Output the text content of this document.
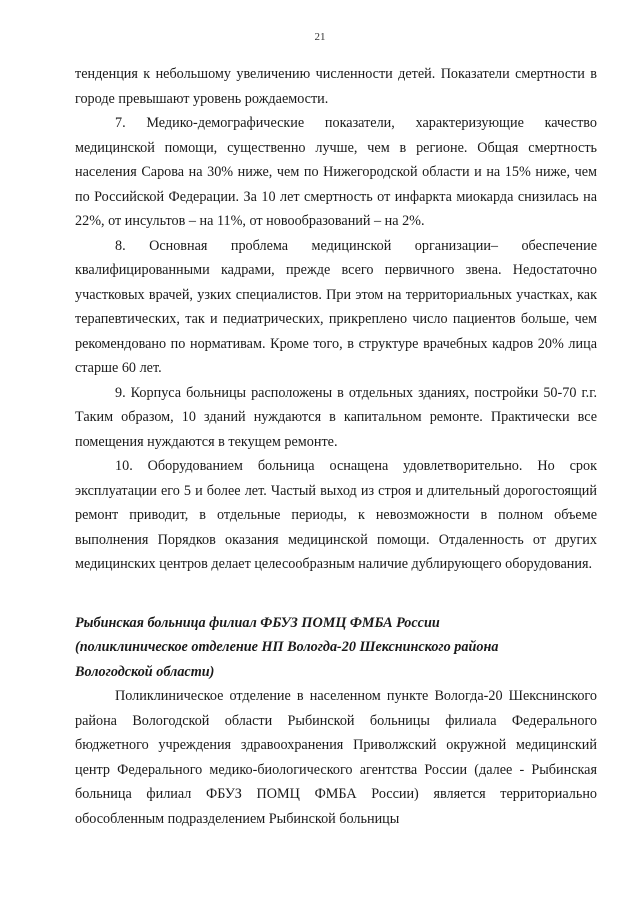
21

тенденция к небольшому увеличению численности детей. Показатели смертности в городе превышают уровень рождаемости.

7. Медико-демографические показатели, характеризующие качество медицинской помощи, существенно лучше, чем в регионе. Общая смертность населения Сарова на 30% ниже, чем по Нижегородской области и на 15% ниже, чем по Российской Федерации. За 10 лет смертность от инфаркта миокарда снизилась на 22%, от инсультов – на 11%, от новообразований – на 2%.

8. Основная проблема медицинской организации– обеспечение квалифицированными кадрами, прежде всего первичного звена. Недостаточно участковых врачей, узких специалистов. При этом на территориальных участках, как терапевтических, так и педиатрических, прикреплено число пациентов больше, чем рекомендовано по нормативам. Кроме того, в структуре врачебных кадров 20% лица старше 60 лет.

9. Корпуса больницы расположены в отдельных зданиях, постройки 50-70 г.г. Таким образом, 10 зданий нуждаются в капитальном ремонте. Практически все помещения нуждаются в текущем ремонте.

10. Оборудованием больница оснащена удовлетворительно. Но срок эксплуатации его 5 и более лет. Частый выход из строя и длительный дорогостоящий ремонт приводит, в отдельные периоды, к невозможности в полном объеме выполнения Порядков оказания медицинской помощи. Отдаленность от других медицинских центров делает целесообразным наличие дублирующего оборудования.

Рыбинская больница филиал ФБУЗ ПОМЦ ФМБА России
(поликлиническое отделение НП Вологда-20 Шекснинского района
Вологодской области)

Поликлиническое отделение в населенном пункте Вологда-20 Шекснинского района Вологодской области Рыбинской больницы филиала Федерального бюджетного учреждения здравоохранения Приволжский окружной медицинский центр Федерального медико-биологического агентства России (далее - Рыбинская больница филиал ФБУЗ ПОМЦ ФМБА России) является территориально обособленным подразделением Рыбинской больницы
